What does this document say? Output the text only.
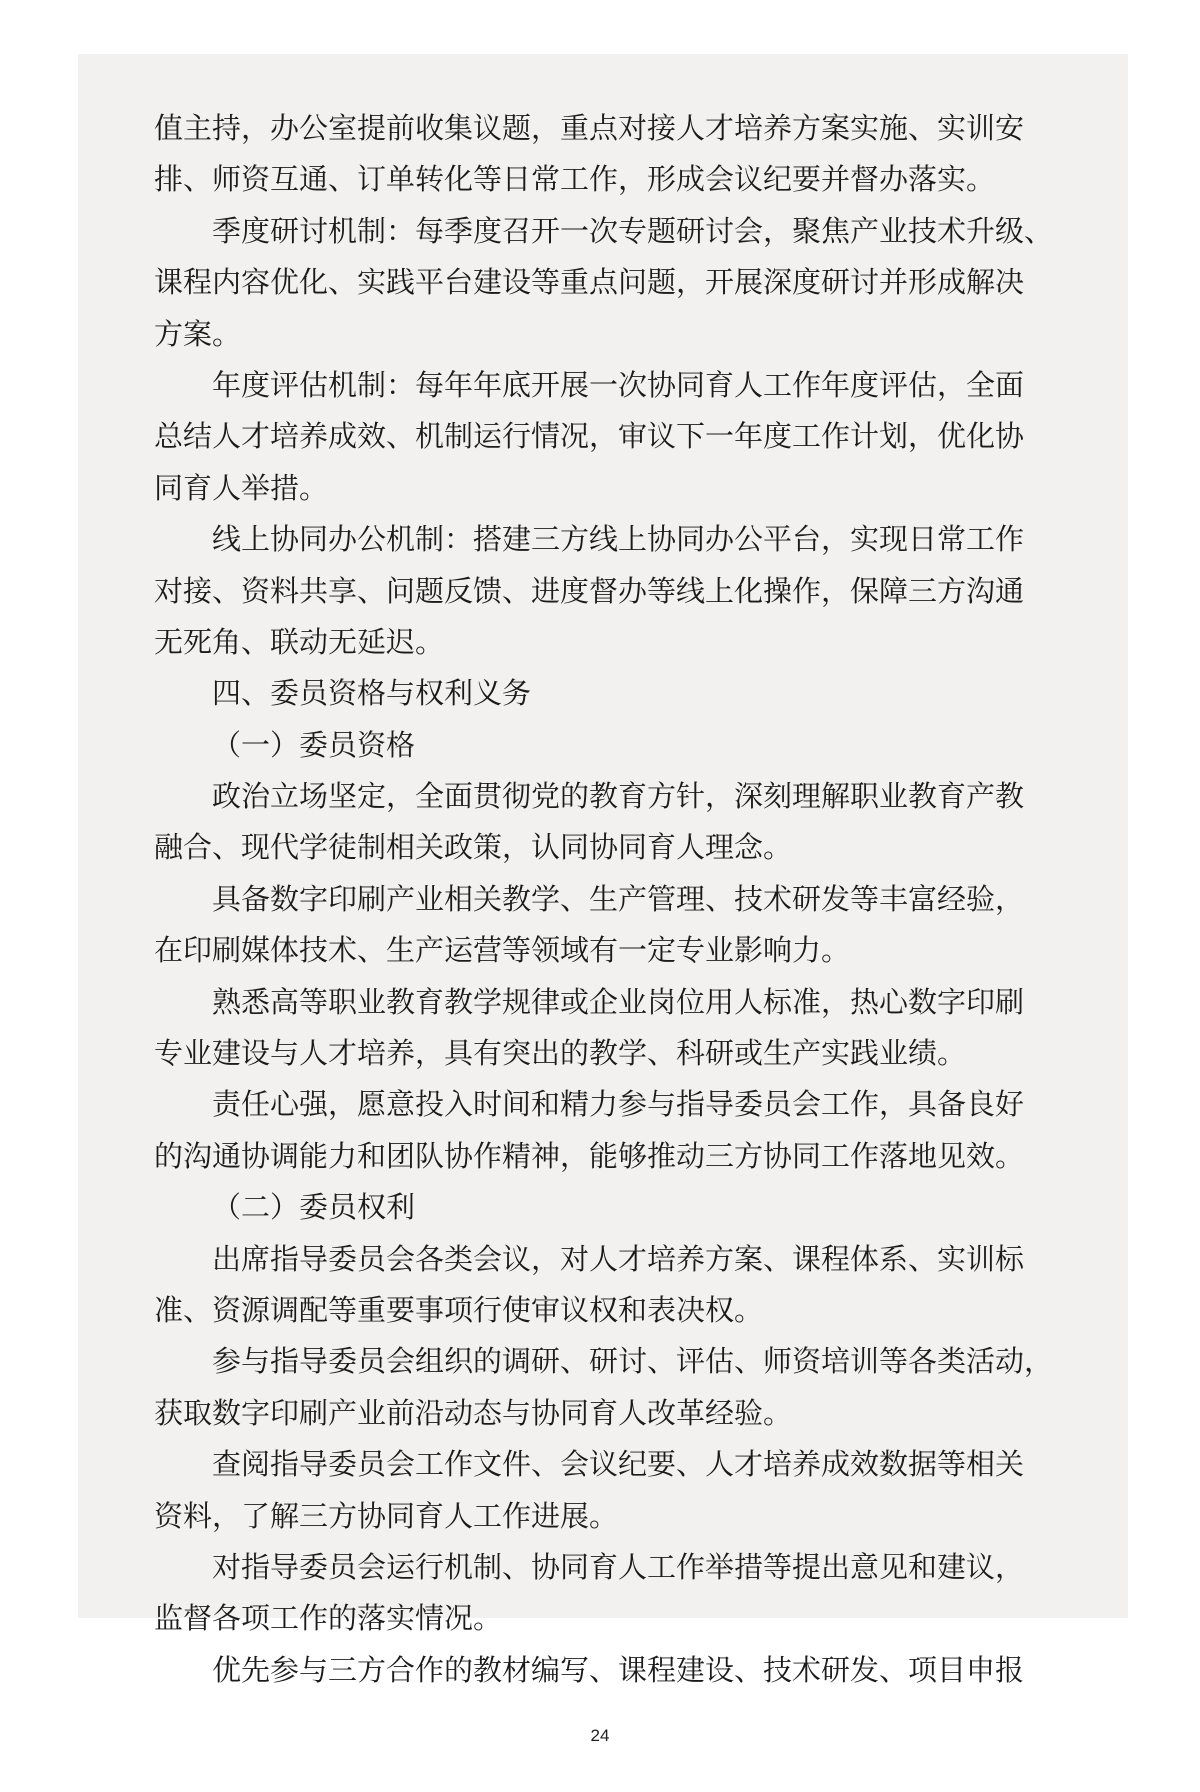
值主持，办公室提前收集议题，重点对接人才培养方案实施、实训安
排、师资互通、订单转化等日常工作，形成会议纪要并督办落实。
季度研讨机制：每季度召开一次专题研讨会，聚焦产业技术升级、
课程内容优化、实践平台建设等重点问题，开展深度研讨并形成解决
方案。
年度评估机制：每年年底开展一次协同育人工作年度评估，全面
总结人才培养成效、机制运行情况，审议下一年度工作计划，优化协
同育人举措。
线上协同办公机制：搭建三方线上协同办公平台，实现日常工作
对接、资料共享、问题反馈、进度督办等线上化操作，保障三方沟通
无死角、联动无延迟。
四、委员资格与权利义务
（一）委员资格
政治立场坚定，全面贯彻党的教育方针，深刻理解职业教育产教
融合、现代学徒制相关政策，认同协同育人理念。
具备数字印刷产业相关教学、生产管理、技术研发等丰富经验，
在印刷媒体技术、生产运营等领域有一定专业影响力。
熟悉高等职业教育教学规律或企业岗位用人标准，热心数字印刷
专业建设与人才培养，具有突出的教学、科研或生产实践业绩。
责任心强，愿意投入时间和精力参与指导委员会工作，具备良好
的沟通协调能力和团队协作精神，能够推动三方协同工作落地见效。
（二）委员权利
出席指导委员会各类会议，对人才培养方案、课程体系、实训标
准、资源调配等重要事项行使审议权和表决权。
参与指导委员会组织的调研、研讨、评估、师资培训等各类活动，
获取数字印刷产业前沿动态与协同育人改革经验。
查阅指导委员会工作文件、会议纪要、人才培养成效数据等相关
资料，了解三方协同育人工作进展。
对指导委员会运行机制、协同育人工作举措等提出意见和建议，
监督各项工作的落实情况。
优先参与三方合作的教材编写、课程建设、技术研发、项目申报
24
